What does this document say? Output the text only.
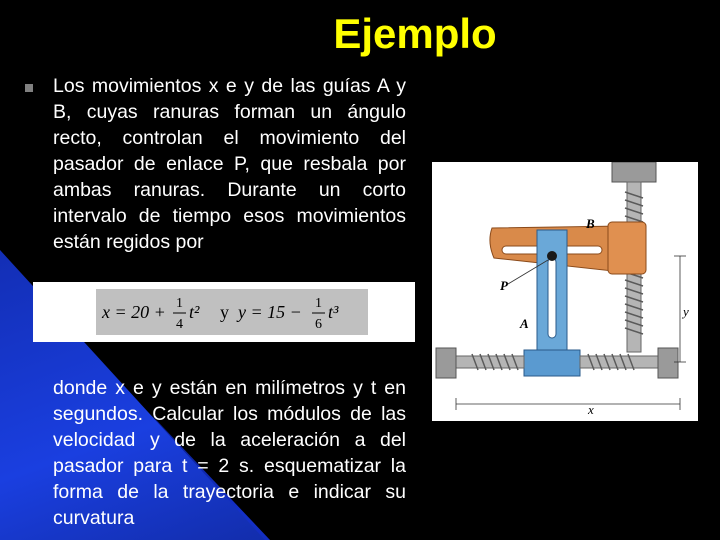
Ejemplo
Los movimientos x e y de las guías A y B, cuyas ranuras forman un ángulo recto, controlan el movimiento del pasador de enlace P, que resbala por ambas ranuras. Durante un corto intervalo de tiempo esos movimientos están regidos por
x = 20 + 1
4
t² y y = 15 − 1
6
t³
donde x e y están en milímetros y t en segundos. Calcular los módulos de las velocidad y de la aceleración a del pasador para t = 2 s. esquematizar la forma de la trayectoria e indicar su curvatura
B
P
A
y
x
